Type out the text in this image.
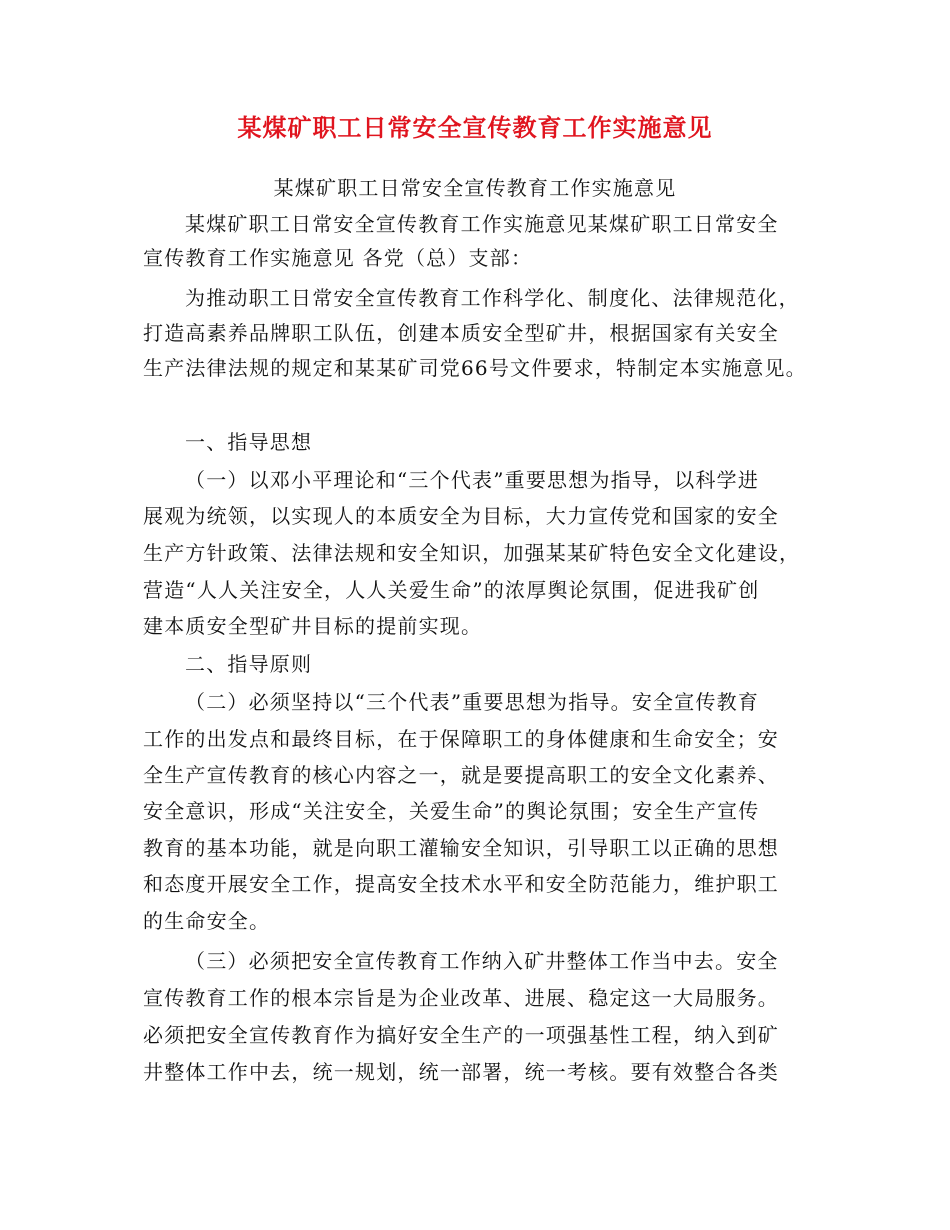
某煤矿职工日常安全宣传教育工作实施意见
某煤矿职工日常安全宣传教育工作实施意见
某煤矿职工日常安全宣传教育工作实施意见某煤矿职工日常安全
宣传教育工作实施意见 各党（总）支部：
为推动职工日常安全宣传教育工作科学化、制度化、法律规范化，
打造高素养品牌职工队伍，创建本质安全型矿井，根据国家有关安全
生产法律法规的规定和某某矿司党66号文件要求，特制定本实施意见。
一、指导思想
（一）以邓小平理论和“三个代表”重要思想为指导，以科学进
展观为统领，以实现人的本质安全为目标，大力宣传党和国家的安全
生产方针政策、法律法规和安全知识，加强某某矿特色安全文化建设，
营造“人人关注安全，人人关爱生命”的浓厚舆论氛围，促进我矿创
建本质安全型矿井目标的提前实现。
二、指导原则
（二）必须坚持以“三个代表”重要思想为指导。安全宣传教育
工作的出发点和最终目标，在于保障职工的身体健康和生命安全；安
全生产宣传教育的核心内容之一，就是要提高职工的安全文化素养、
安全意识，形成“关注安全，关爱生命”的舆论氛围；安全生产宣传
教育的基本功能，就是向职工灌输安全知识，引导职工以正确的思想
和态度开展安全工作，提高安全技术水平和安全防范能力，维护职工
的生命安全。
（三）必须把安全宣传教育工作纳入矿井整体工作当中去。安全
宣传教育工作的根本宗旨是为企业改革、进展、稳定这一大局服务。
必须把安全宣传教育作为搞好安全生产的一项强基性工程，纳入到矿
井整体工作中去，统一规划，统一部署，统一考核。要有效整合各类
